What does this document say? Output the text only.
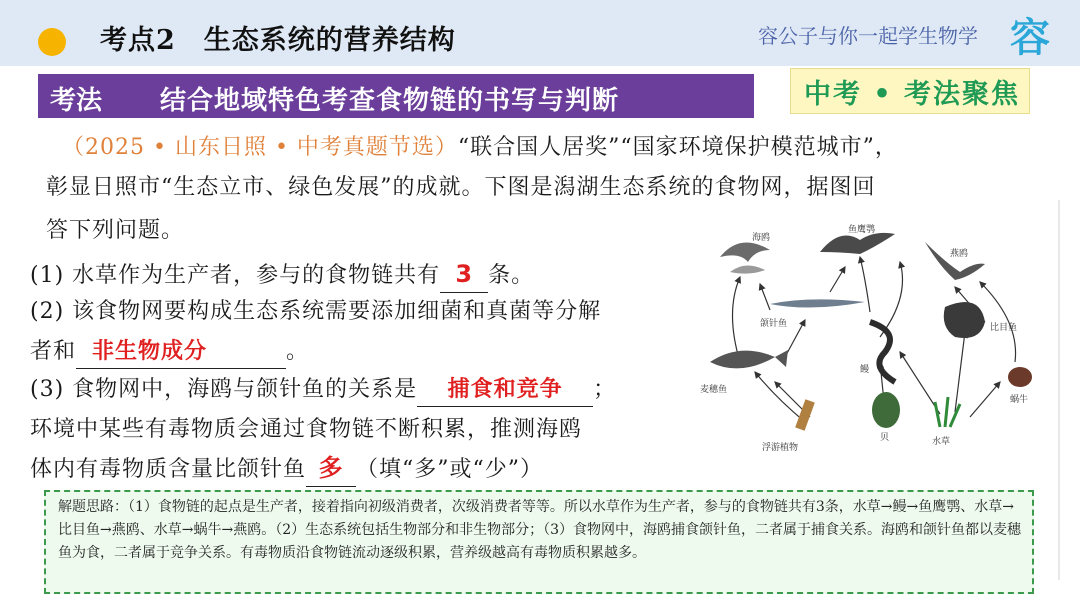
考点2　生态系统的营养结构	容公子与你一起学生物学 容
考法 结合地域特色考查食物链的书写与判断	中考 • 考法聚焦
（2025 • 山东日照 • 中考真题节选）“联合国人居奖”“国家环境保护模范城市”，
彰显日照市“生态立市、绿色发展”的成就。下图是潟湖生态系统的食物网，据图回
答下列问题。
(1) 水草作为生产者，参与的食物链共有 3 条。
(2) 该食物网要构成生态系统需要添加细菌和真菌等分解
者和 非生物成分	。
(3) 食物网中，海鸥与颌针鱼的关系是 捕食和竞争 ；
环境中某些有毒物质会通过食物链不断积累，推测海鸥
体内有毒物质含量比颌针鱼 多 （填“多”或“少”）
海鸥
鱼鹰鹗
燕鸥
颌针鱼
鳗
比目鱼
麦穗鱼
蜗牛
浮游植物
贝	水草
解题思路：（1）食物链的起点是生产者，接着指向初级消费者，次级消费者等等。所以水草作为生产者，参与的食物链共有3条，水草→鳗→鱼鹰鹗、水草→比目鱼→燕鸥、水草→蜗牛→燕鸥。（2）生态系统包括生物部分和非生物部分；（3）食物网中，海鸥捕食颌针鱼，二者属于捕食关系。海鸥和颌针鱼都以麦穗鱼为食，二者属于竞争关系。有毒物质沿食物链流动逐级积累，营养级越高有毒物质积累越多。
